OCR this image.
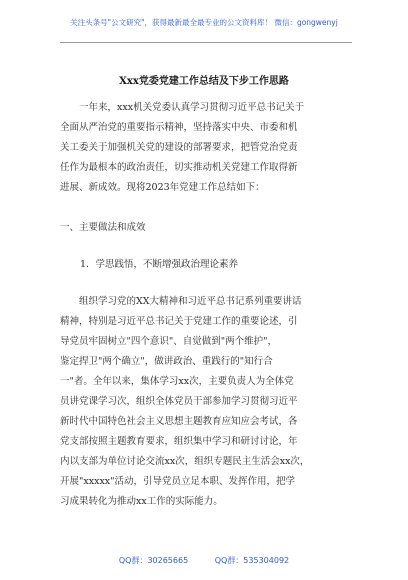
关注头条号"公文研究"，获得最新最全最专业的公文资料库！ 微信：gongwenyj
Xxx党委党建工作总结及下步工作思路
　　一年来，xxx机关党委认真学习贯彻习近平总书记关于
全面从严治党的重要指示精神，坚持落实中央、市委和机
关工委关于加强机关党的建设的部署要求，把管党治党责
任作为最根本的政治责任，切实推动机关党建工作取得新
进展、新成效。现将2023年党建工作总结如下：
一、主要做法和成效
1．学思践悟，不断增强政治理论素养
　　组织学习党的XX大精神和习近平总书记系列重要讲话
精神，特别是习近平总书记关于党建工作的重要论述，引
导党员牢固树立"四个意识"、自觉做到"两个维护"，
鉴定捍卫"两个确立"，做讲政治、重践行的"知行合
一"者。全年以来，集体学习xx次，主要负责人为全体党
员讲党课学习次，组织全体党员干部参加学习贯彻习近平
新时代中国特色社会主义思想主题教育应知应会考试，各
党支部按照主题教育要求，组织集中学习和研讨讨论，年
内以支部为单位讨论交流xx次，组织专题民主生活会xx次，
开展"xxxxx"活动，引导党员立足本职、发挥作用，把学
习成果转化为推动xx工作的实际能力。
QQ群：30265665	QQ群：535304092
